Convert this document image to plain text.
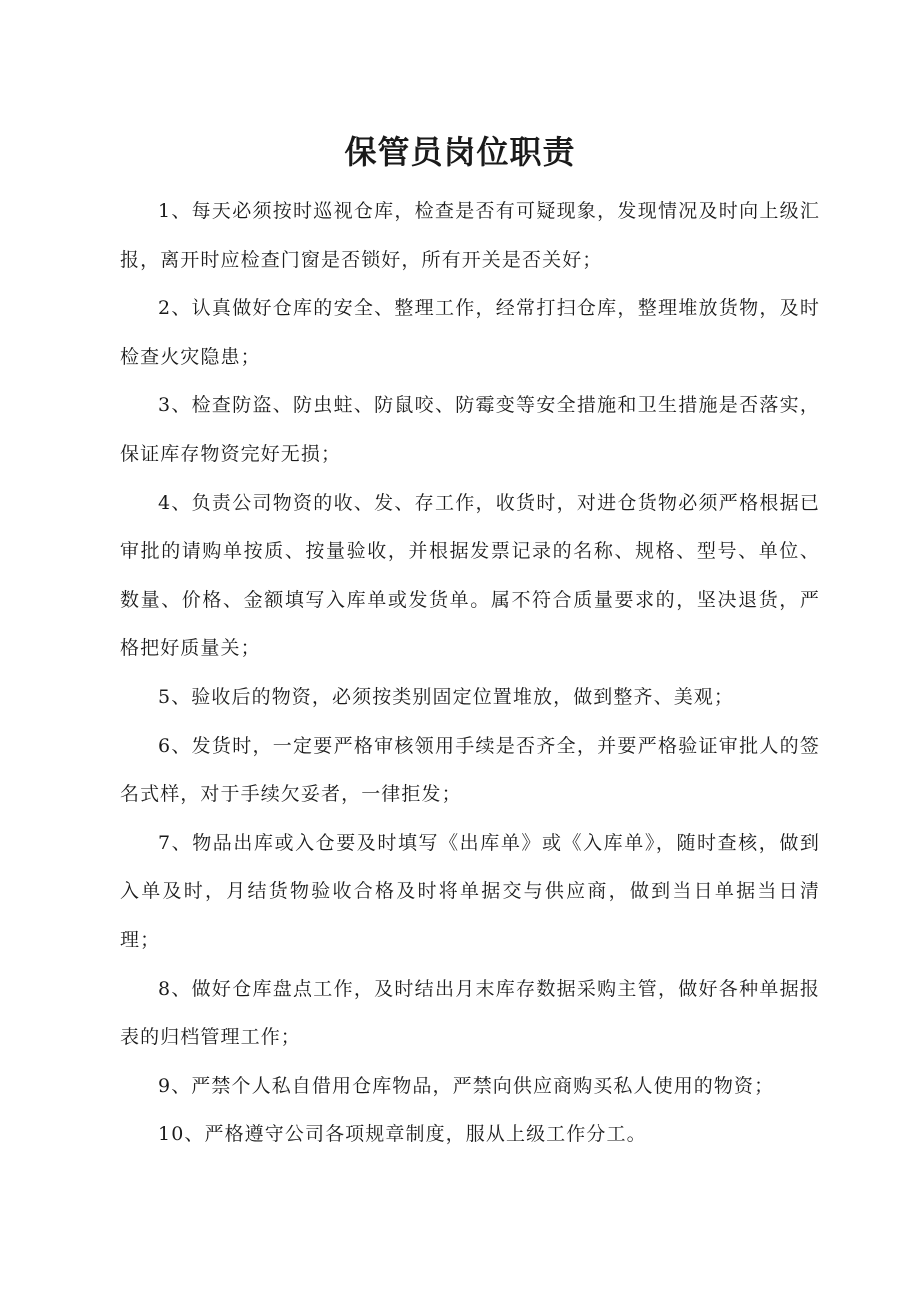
保管员岗位职责

1、每天必须按时巡视仓库，检查是否有可疑现象，发现情况及时向上级汇报，离开时应检查门窗是否锁好，所有开关是否关好；

2、认真做好仓库的安全、整理工作，经常打扫仓库，整理堆放货物，及时检查火灾隐患；

3、检查防盗、防虫蛀、防鼠咬、防霉变等安全措施和卫生措施是否落实，保证库存物资完好无损；

4、负责公司物资的收、发、存工作，收货时，对进仓货物必须严格根据已审批的请购单按质、按量验收，并根据发票记录的名称、规格、型号、单位、数量、价格、金额填写入库单或发货单。属不符合质量要求的，坚决退货，严格把好质量关；

5、验收后的物资，必须按类别固定位置堆放，做到整齐、美观；

6、发货时，一定要严格审核领用手续是否齐全，并要严格验证审批人的签名式样，对于手续欠妥者，一律拒发；

7、物品出库或入仓要及时填写《出库单》或《入库单》，随时查核，做到入单及时，月结货物验收合格及时将单据交与供应商，做到当日单据当日清理；

8、做好仓库盘点工作，及时结出月末库存数据采购主管，做好各种单据报表的归档管理工作；

9、严禁个人私自借用仓库物品，严禁向供应商购买私人使用的物资；

10、严格遵守公司各项规章制度，服从上级工作分工。
